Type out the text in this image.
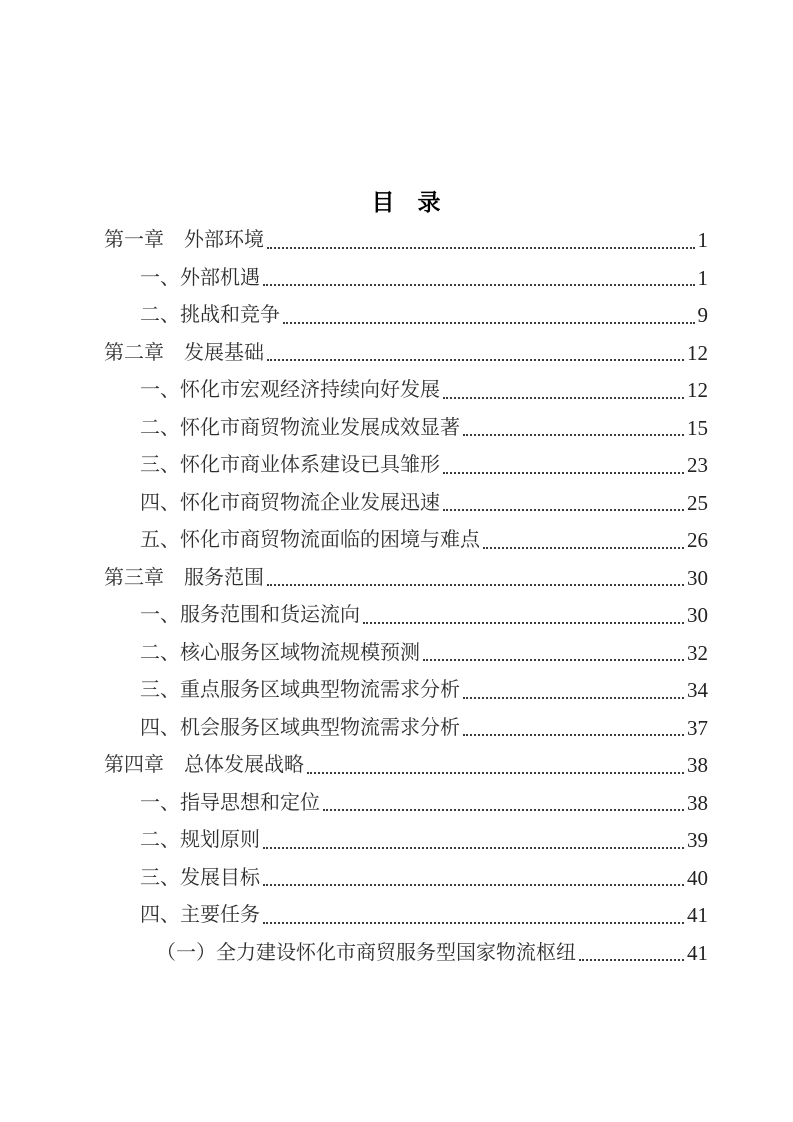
目　录
第一章　外部环境	1
一、外部机遇	1
二、挑战和竞争	9
第二章　发展基础	12
一、怀化市宏观经济持续向好发展	12
二、怀化市商贸物流业发展成效显著	15
三、怀化市商业体系建设已具雏形	23
四、怀化市商贸物流企业发展迅速	25
五、怀化市商贸物流面临的困境与难点	26
第三章　服务范围	30
一、服务范围和货运流向	30
二、核心服务区域物流规模预测	32
三、重点服务区域典型物流需求分析	34
四、机会服务区域典型物流需求分析	37
第四章　总体发展战略	38
一、指导思想和定位	38
二、规划原则	39
三、发展目标	40
四、主要任务	41
（一）全力建设怀化市商贸服务型国家物流枢纽	41
